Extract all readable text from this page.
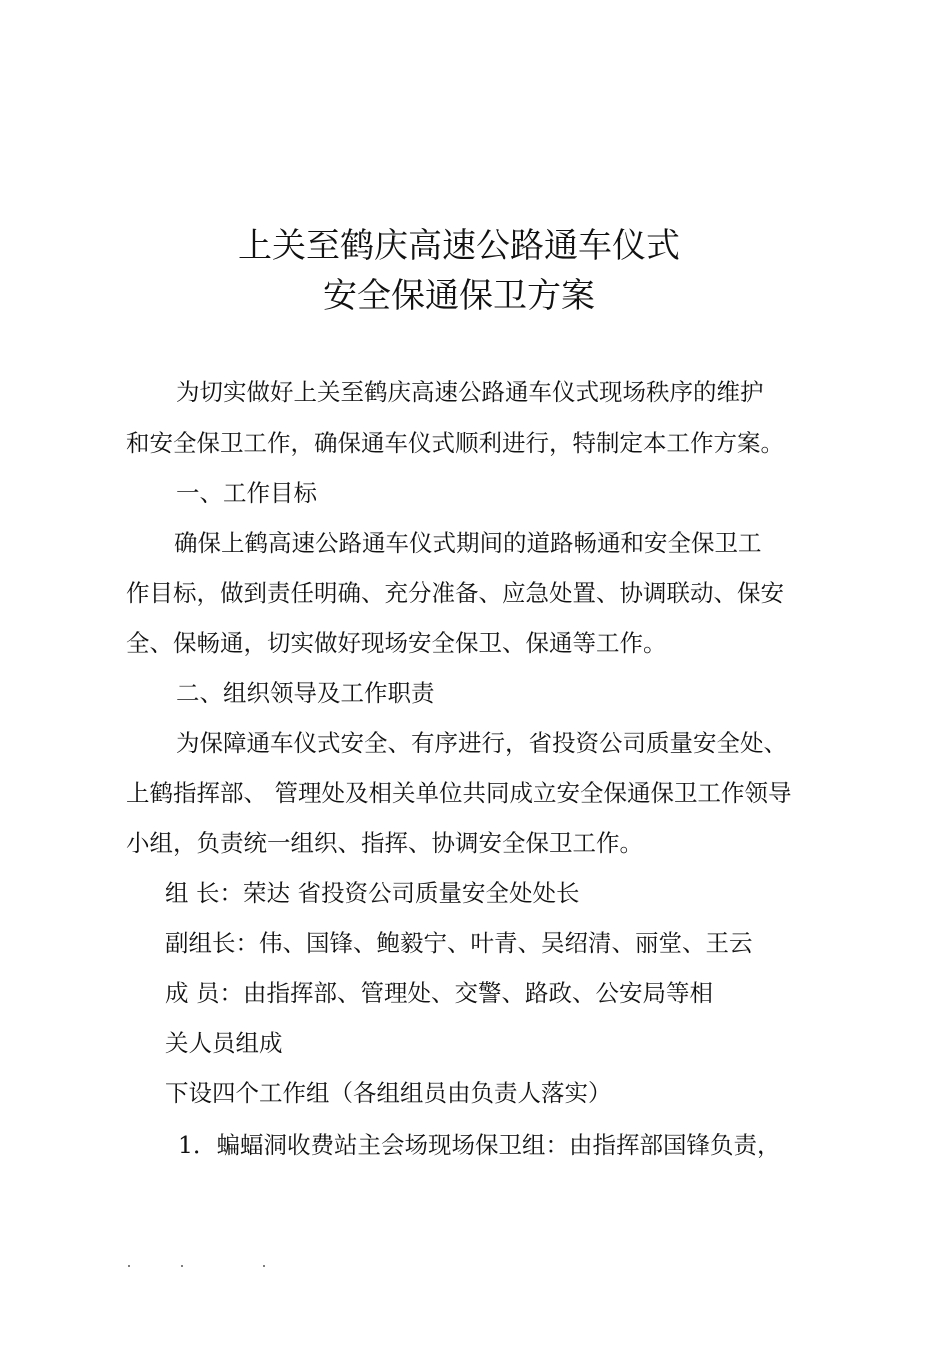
上关至鹤庆高速公路通车仪式
安全保通保卫方案
为切实做好上关至鹤庆高速公路通车仪式现场秩序的维护
和安全保卫工作，确保通车仪式顺利进行，特制定本工作方案。
一、工作目标
确保上鹤高速公路通车仪式期间的道路畅通和安全保卫工
作目标，做到责任明确、充分准备、应急处置、协调联动、保安
全、保畅通，切实做好现场安全保卫、保通等工作。
二、组织领导及工作职责
为保障通车仪式安全、有序进行，省投资公司质量安全处、
上鹤指挥部、 管理处及相关单位共同成立安全保通保卫工作领导
小组，负责统一组织、指挥、协调安全保卫工作。
组 长：荣达 省投资公司质量安全处处长
副组长：伟、国锋、鲍毅宁、叶青、吴绍清、丽堂、王云
成 员：由指挥部、管理处、交警、路政、公安局等相
关人员组成
下设四个工作组（各组组员由负责人落实）
1．蝙蝠洞收费站主会场现场保卫组：由指挥部国锋负责，
